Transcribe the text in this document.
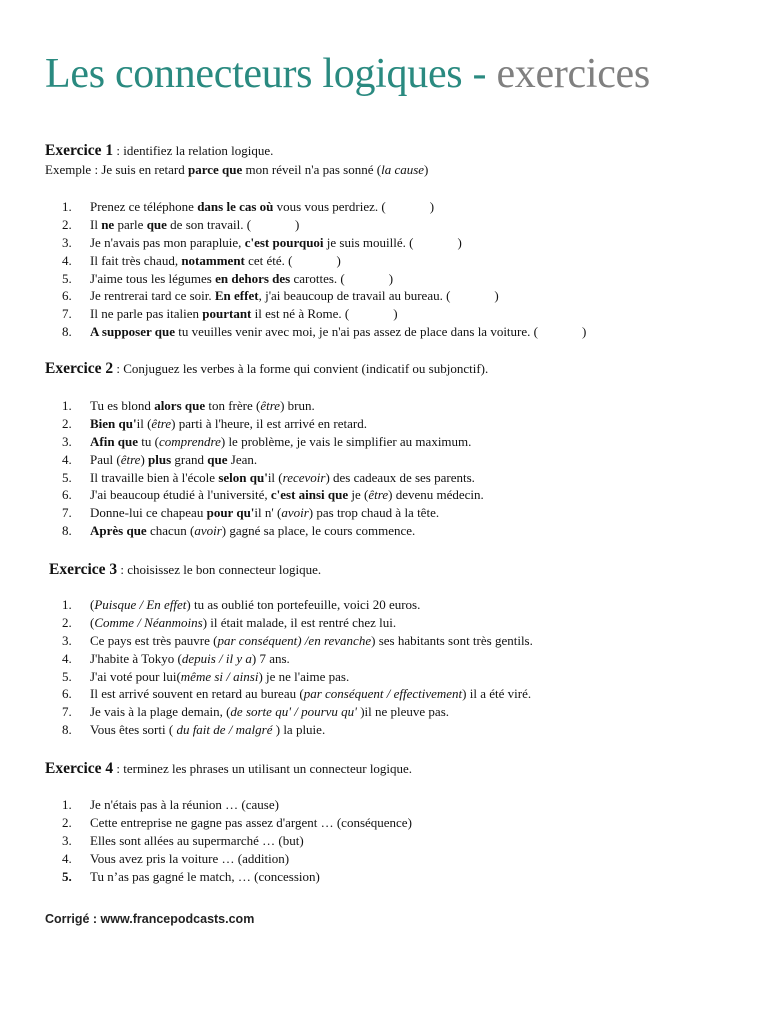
Les connecteurs logiques - exercices
Exercice 1 : identifiez la relation logique.
Exemple : Je suis en retard parce que mon réveil n'a pas sonné (la cause)
1. Prenez ce téléphone dans le cas où vous vous perdriez. (	)
2. Il ne parle que de son travail. (	)
3. Je n'avais pas mon parapluie, c'est pourquoi je suis mouillé. (	)
4. Il fait très chaud, notamment cet été. (	)
5. J'aime tous les légumes en dehors des carottes. (	)
6. Je rentrerai tard ce soir. En effet, j'ai beaucoup de travail au bureau. (	)
7. Il ne parle pas italien pourtant il est né à Rome. (	)
8. A supposer que tu veuilles venir avec moi, je n'ai pas assez de place dans la voiture. (	)
Exercice 2 : Conjuguez les verbes à la forme qui convient (indicatif ou subjonctif).
1. Tu es blond alors que ton frère (être) brun.
2. Bien qu'il (être) parti à l'heure, il est arrivé en retard.
3. Afin que tu (comprendre) le problème, je vais le simplifier au maximum.
4. Paul (être) plus grand que Jean.
5. Il travaille bien à l'école selon qu'il (recevoir) des cadeaux de ses parents.
6. J'ai beaucoup étudié à l'université, c'est ainsi que je (être) devenu médecin.
7. Donne-lui ce chapeau pour qu'il n' (avoir) pas trop chaud à la tête.
8. Après que chacun (avoir) gagné sa place, le cours commence.
Exercice 3 : choisissez le bon connecteur logique.
1. (Puisque / En effet) tu as oublié ton portefeuille, voici 20 euros.
2. (Comme / Néanmoins) il était malade, il est rentré chez lui.
3. Ce pays est très pauvre (par conséquent) /en revanche) ses habitants sont très gentils.
4. J'habite à Tokyo (depuis / il y a) 7 ans.
5. J'ai voté pour lui(même si / ainsi) je ne l'aime pas.
6. Il est arrivé souvent en retard au bureau (par conséquent / effectivement) il a été viré.
7. Je vais à la plage demain, (de sorte qu' / pourvu qu' )il ne pleuve pas.
8. Vous êtes sorti ( du fait de / malgré ) la pluie.
Exercice 4 : terminez les phrases un utilisant un connecteur logique.
1. Je n'étais pas à la réunion … (cause)
2. Cette entreprise ne gagne pas assez d'argent … (conséquence)
3. Elles sont allées au supermarché … (but)
4. Vous avez pris la voiture … (addition)
5. Tu n’as pas gagné le match, … (concession)
Corrigé : www.francepodcasts.com
